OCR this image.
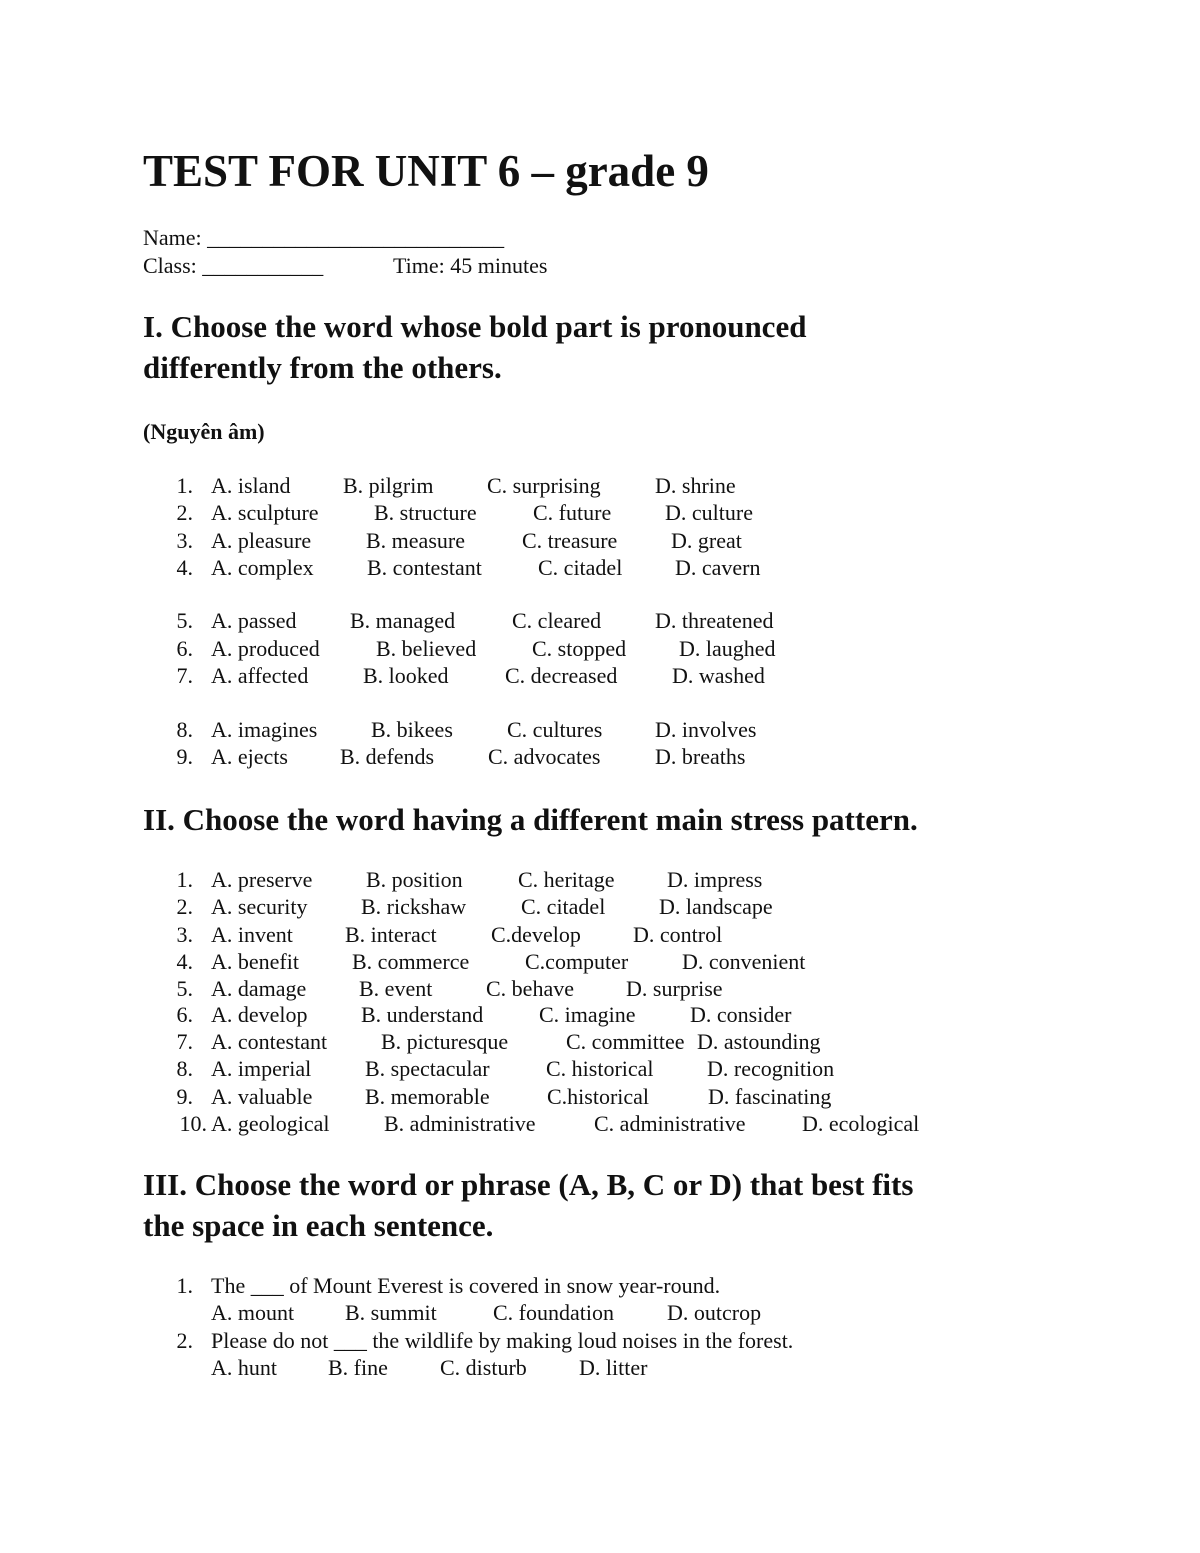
TEST FOR UNIT 6 – grade 9
Name: ___________________________
Class: ___________	Time: 45 minutes
I. Choose the word whose bold part is pronounced
differently from the others.
(Nguyên âm)
1. A. island B. pilgrim C. surprising D. shrine
2. A. sculpture	B. structure	C. future D. culture
3. A. pleasure B. measure	C. treasure D. great
4. A. complex B. contestant	C. citadel D. cavern
5. A. passed B. managed	C. cleared D. threatened
6. A. produced	B. believed	C. stopped D. laughed
7. A. affected B. looked	C. decreased D. washed
8. A. imagines B. bikees C. cultures D. involves
9. A. ejects B. defends C. advocates D. breaths
II. Choose the word having a different main stress pattern.
1. A. preserve B. position	C. heritage D. impress
2. A. security B. rickshaw C. citadel D. landscape
3. A. invent B. interact C.develop D. control
4. A. benefit B. commerce	C.computer D. convenient
5. A. damage B. event C. behave D. surprise
6. A. develop B. understand	C. imagine D. consider
7. A. contestant B. picturesque	C. committee D. astounding
8. A. imperial B. spectacular	C. historical D. recognition
9. A. valuable B. memorable	C.historical	D. fascinating
10. A. geological B. administrative	C. administrative	D. ecological
III. Choose the word or phrase (A, B, C or D) that best fits
the space in each sentence.
1. The ___ of Mount Everest is covered in snow year-round.
A. mount B. summit	C. foundation D. outcrop
2. Please do not ___ the wildlife by making loud noises in the forest.
A. hunt B. fine C. disturb D. litter
